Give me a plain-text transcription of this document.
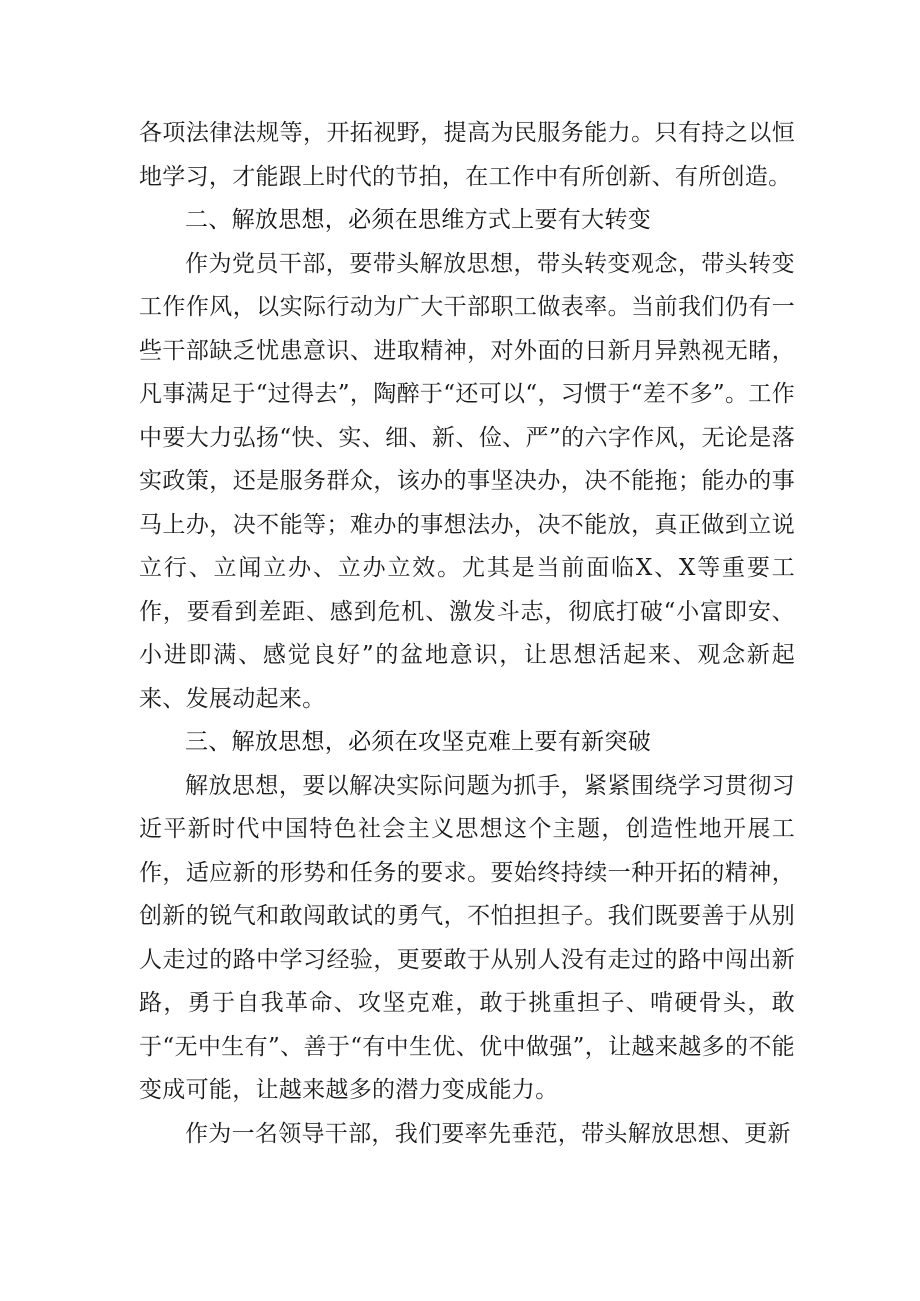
各项法律法规等，开拓视野，提高为民服务能力。只有持之以恒地学习，才能跟上时代的节拍，在工作中有所创新、有所创造。

二、解放思想，必须在思维方式上要有大转变

作为党员干部，要带头解放思想，带头转变观念，带头转变工作作风，以实际行动为广大干部职工做表率。当前我们仍有一些干部缺乏忧患意识、进取精神，对外面的日新月异熟视无睹，凡事满足于“过得去”，陶醉于“还可以“，习惯于“差不多”。工作中要大力弘扬“快、实、细、新、俭、严”的六字作风，无论是落实政策，还是服务群众，该办的事坚决办，决不能拖；能办的事马上办，决不能等；难办的事想法办，决不能放，真正做到立说立行、立闻立办、立办立效。尤其是当前面临X、X等重要工作，要看到差距、感到危机、激发斗志，彻底打破“小富即安、小进即满、感觉良好”的盆地意识，让思想活起来、观念新起来、发展动起来。

三、解放思想，必须在攻坚克难上要有新突破

解放思想，要以解决实际问题为抓手，紧紧围绕学习贯彻习近平新时代中国特色社会主义思想这个主题，创造性地开展工作，适应新的形势和任务的要求。要始终持续一种开拓的精神，创新的锐气和敢闯敢试的勇气，不怕担担子。我们既要善于从别人走过的路中学习经验，更要敢于从别人没有走过的路中闯出新路，勇于自我革命、攻坚克难，敢于挑重担子、啃硬骨头，敢于“无中生有”、善于“有中生优、优中做强”，让越来越多的不能变成可能，让越来越多的潜力变成能力。

作为一名领导干部，我们要率先垂范，带头解放思想、更新
